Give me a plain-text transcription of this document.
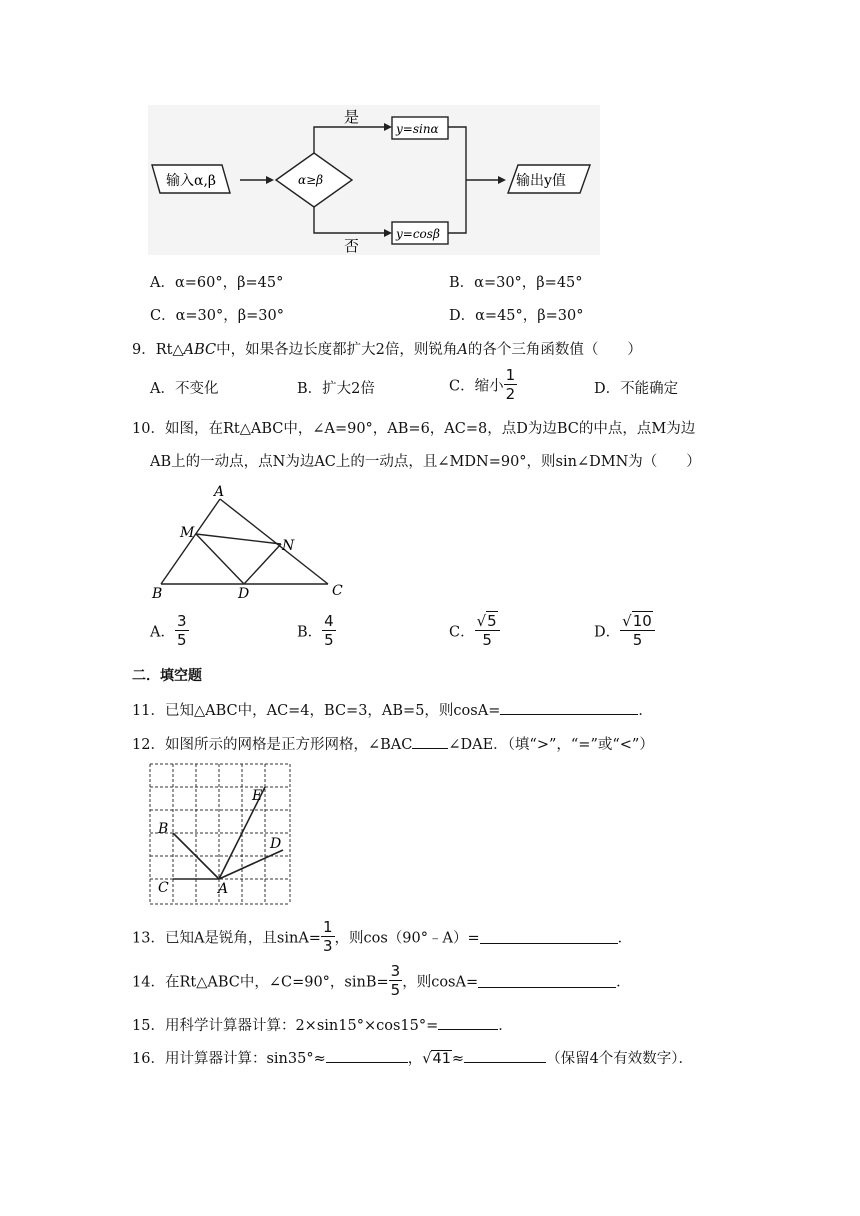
输入α,β	α≥β
是
y=sinα
否
y=cosβ
输出y值
A．α=60°，β=45°	B．α=30°，β=45°
C．α=30°，β=30°	D．α=45°，β=30°
9．Rt△ABC中，如果各边长度都扩大2倍，则锐角A的各个三角函数值（　　）
A．不变化	B．扩大2倍	C．缩小 $\frac{1}{2}$	D．不能确定
10．如图，在Rt△ABC中，∠A=90°，AB=6，AC=8，点D为边BC的中点，点M为边
AB上的一动点，点N为边AC上的一动点，且∠MDN=90°，则sin∠DMN为（　　）
A
M
N
B	D	C
A． $\frac{3}{5}$	B． $\frac{4}{5}$	C． $\frac{√5}{5}$	D． $\frac{√10}{5}$
二．填空题
11．已知△ABC中，AC=4，BC=3，AB=5，则cosA=	．
12．如图所示的网格是正方形网格，∠BAC ∠DAE．（填“>”，“=”或“<”）
B
E
D
C	A
13．已知A是锐角，且$\sin A= \frac{1}{3}$ ，则cos（90°﹣A）=	．
14．在Rt△ABC中，∠C=90°，$\sin B= \frac{3}{5}$ ，则cosA=	．
15．用科学计算器计算：2×sin15°×cos15°=	．
16．用计算器计算：sin35°≈	，√41≈	（保留4个有效数字）．
